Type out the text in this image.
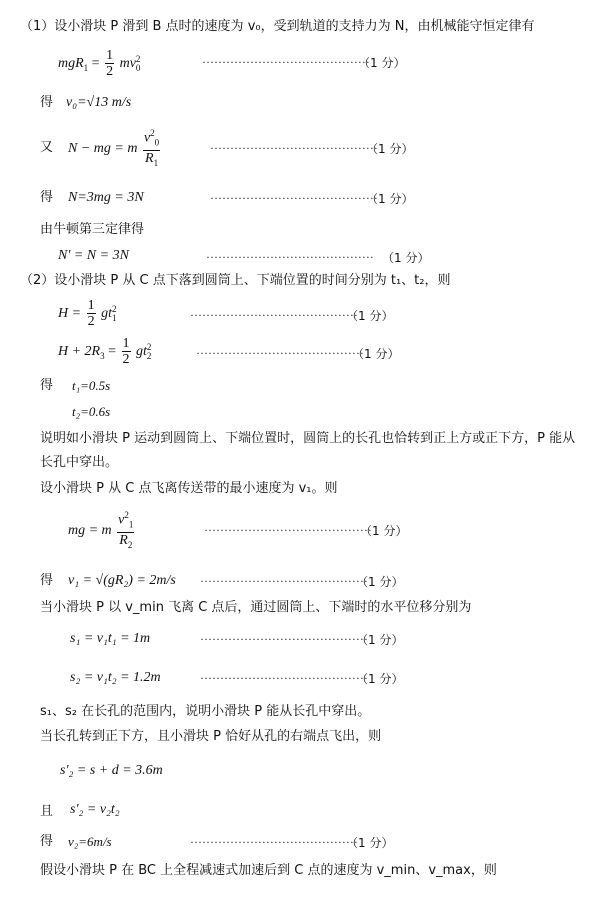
（1）设小滑块 P 滑到 B 点时的速度为 v₀，受到轨道的支持力为 N，由机械能守恒定律有
$mgR_1 = \frac{1}{2}$ mv 2
0	··········································
（1 分）
得 v₀=√13 m/s
又 N − mg = m $\frac{v^2_0}{R_1}$	··········································
（1 分）
得 N=3mg = 3N	··········································
（1 分）
由牛顿第三定律得
N' = N = 3N	·········································· （1 分）
（2）设小滑块 P 从 C 点下落到圆筒上、下端位置的时间分别为 t₁、t₂，则
$H = \frac{1}{2}$ gt 2
1	··········································
（1 分）
$H + 2R_3 = \frac{1}{2}$ gt 2
2	··········································
（1 分）
得 t₁=0.5s
t₂=0.6s
说明如小滑块 P 运动到圆筒上、下端位置时，圆筒上的长孔也恰转到正上方或正下方，P 能从
长孔中穿出。
设小滑块 P 从 C 点飞离传送带的最小速度为 v₁。则
mg = m $\frac{v^2_1}{R_2}$	··········································
（1 分）
得 v₁ = √(gR₂) = 2m/s ··········································
（1 分）
当小滑块 P 以 v_min 飞离 C 点后，通过圆筒上、下端时的水平位移分别为
s₁ = v₁t₁ = 1m	··········································
（1 分）
s₂ = v₁t₂ = 1.2m	··········································
（1 分）
s₁、s₂ 在长孔的范围内，说明小滑块 P 能从长孔中穿出。
当长孔转到正下方，且小滑块 P 恰好从孔的右端点飞出，则
s′₂ = s + d = 3.6m
且 s′₂ = v₂t₂
得 v₂=6m/s	··········································
（1 分）
假设小滑块 P 在 BC 上全程减速式加速后到 C 点的速度为 v_min、v_max，则
